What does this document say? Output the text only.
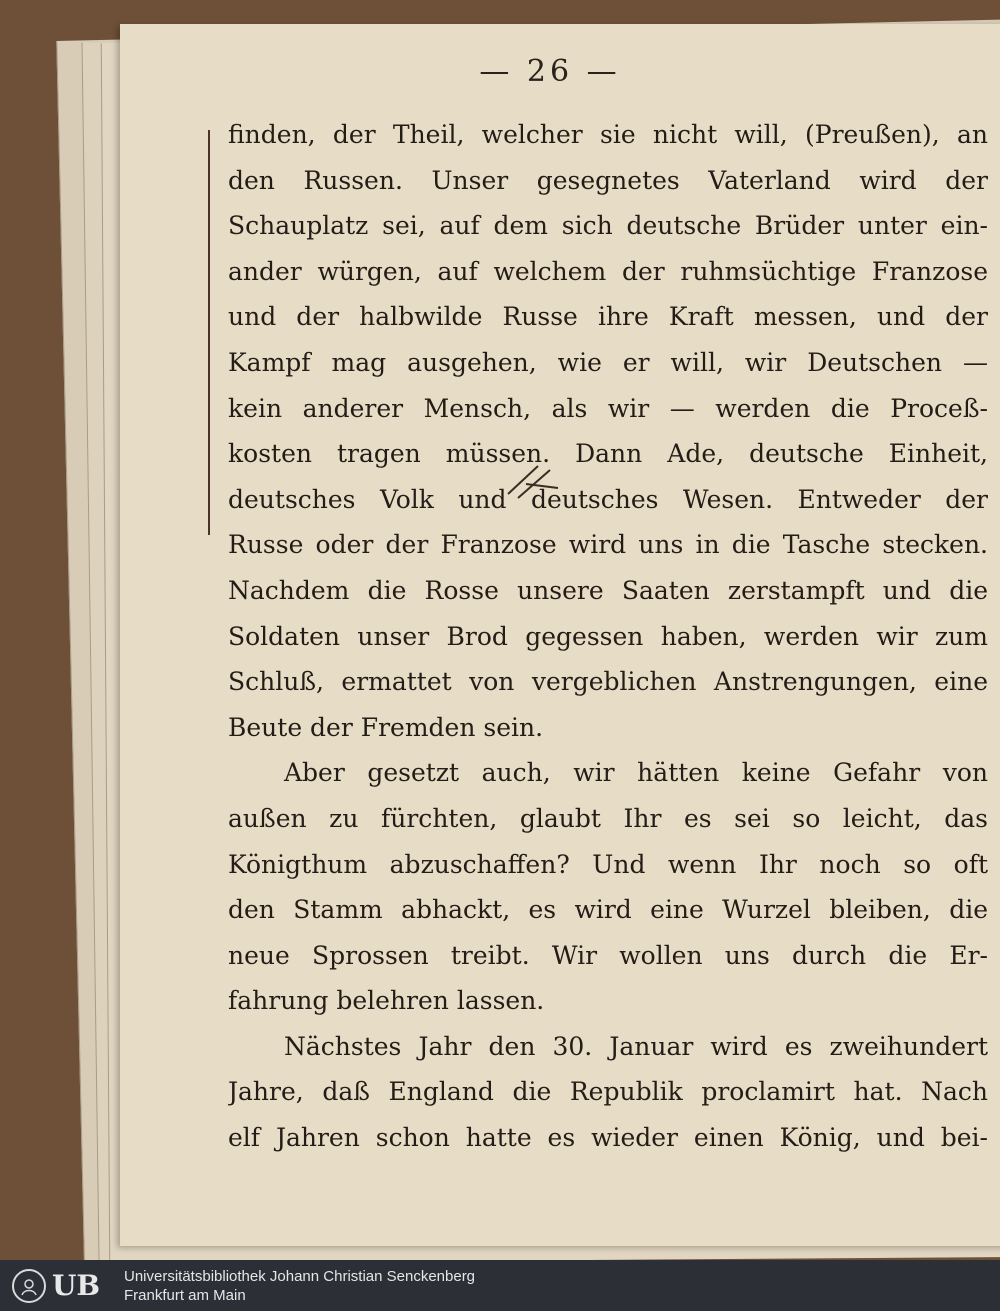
— 26 —
finden, der Theil, welcher sie nicht will, (Preußen), an
den Russen. Unser gesegnetes Vaterland wird der
Schauplatz sei, auf dem sich deutsche Brüder unter ein-
ander würgen, auf welchem der ruhmsüchtige Franzose
und der halbwilde Russe ihre Kraft messen, und der
Kampf mag ausgehen, wie er will, wir Deutschen —
kein anderer Mensch, als wir — werden die Proceß-
kosten tragen müssen. Dann Ade, deutsche Einheit,
deutsches Volk und deutsches Wesen. Entweder der
Russe oder der Franzose wird uns in die Tasche stecken.
Nachdem die Rosse unsere Saaten zerstampft und die
Soldaten unser Brod gegessen haben, werden wir zum
Schluß, ermattet von vergeblichen Anstrengungen, eine
Beute der Fremden sein.
Aber gesetzt auch, wir hätten keine Gefahr von
außen zu fürchten, glaubt Ihr es sei so leicht, das
Königthum abzuschaffen? Und wenn Ihr noch so oft
den Stamm abhackt, es wird eine Wurzel bleiben, die
neue Sprossen treibt. Wir wollen uns durch die Er-
fahrung belehren lassen.
Nächstes Jahr den 30. Januar wird es zweihundert
Jahre, daß England die Republik proclamirt hat. Nach
elf Jahren schon hatte es wieder einen König, und bei-
UB Universitätsbibliothek Johann Christian Senckenberg
Frankfurt am Main
